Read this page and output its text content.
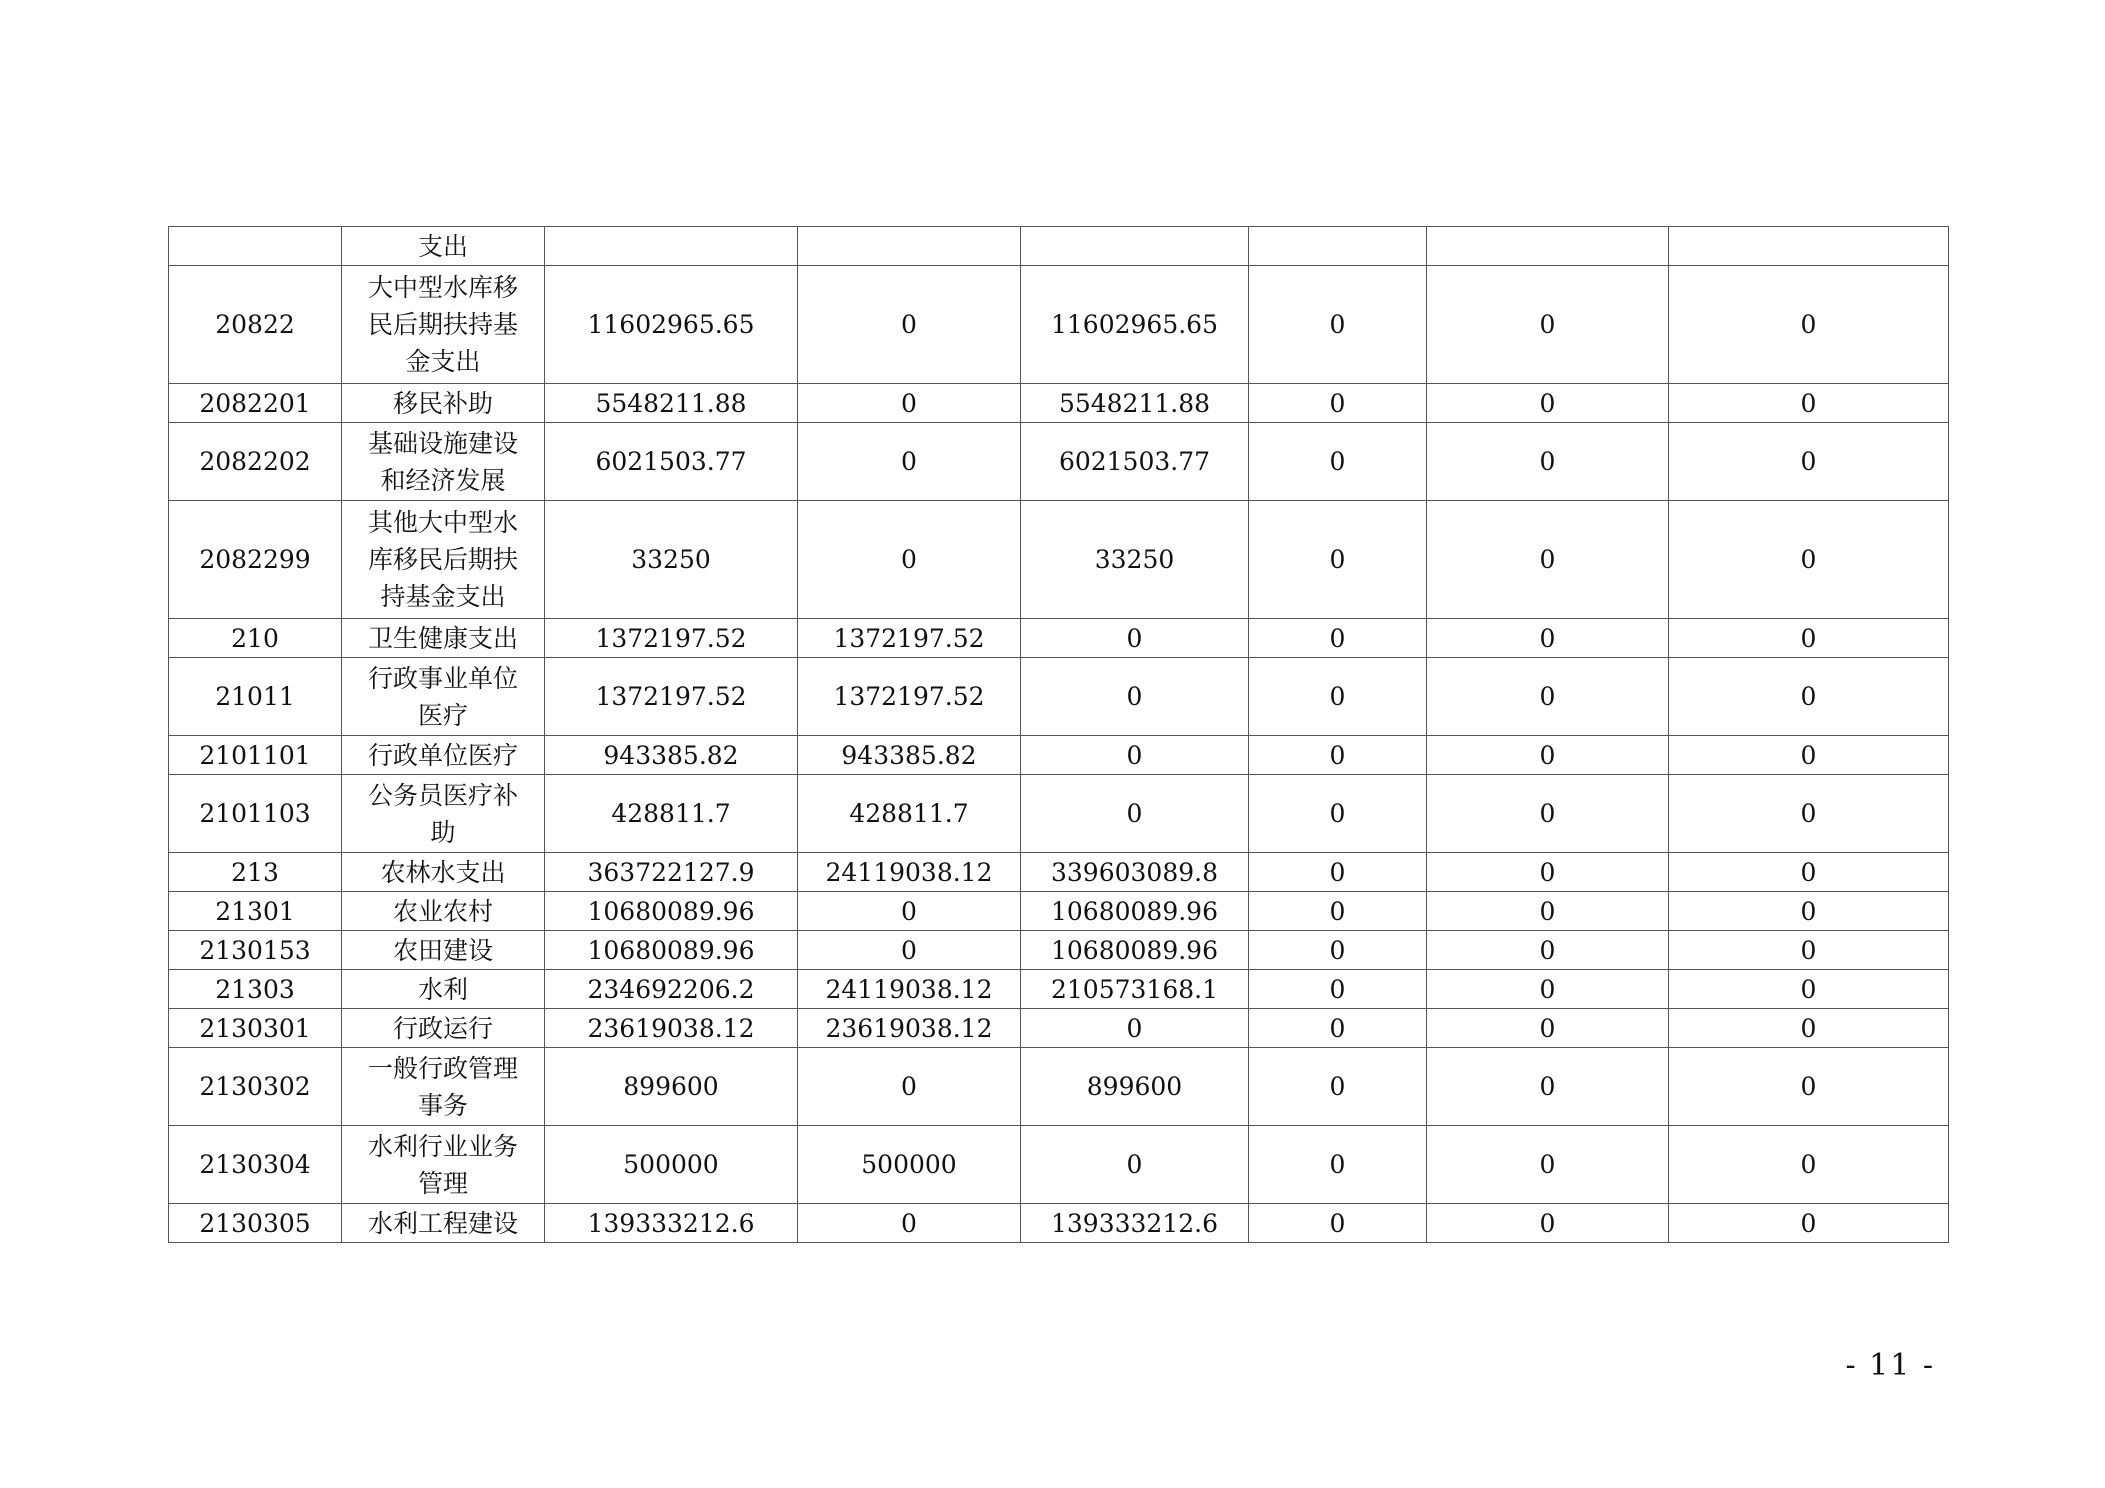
	支出						
20822	大中型水库移民后期扶持基金支出	11602965.65	0	11602965.65	0	0	0
2082201	移民补助	5548211.88	0	5548211.88	0	0	0
2082202	基础设施建设和经济发展	6021503.77	0	6021503.77	0	0	0
2082299	其他大中型水库移民后期扶持基金支出	33250	0	33250	0	0	0
210	卫生健康支出	1372197.52	1372197.52	0	0	0	0
21011	行政事业单位医疗	1372197.52	1372197.52	0	0	0	0
2101101	行政单位医疗	943385.82	943385.82	0	0	0	0
2101103	公务员医疗补助	428811.7	428811.7	0	0	0	0
213	农林水支出	363722127.9	24119038.12	339603089.8	0	0	0
21301	农业农村	10680089.96	0	10680089.96	0	0	0
2130153	农田建设	10680089.96	0	10680089.96	0	0	0
21303	水利	234692206.2	24119038.12	210573168.1	0	0	0
2130301	行政运行	23619038.12	23619038.12	0	0	0	0
2130302	一般行政管理事务	899600	0	899600	0	0	0
2130304	水利行业业务管理	500000	500000	0	0	0	0
2130305	水利工程建设	139333212.6	0	139333212.6	0	0	0
- 11 -
